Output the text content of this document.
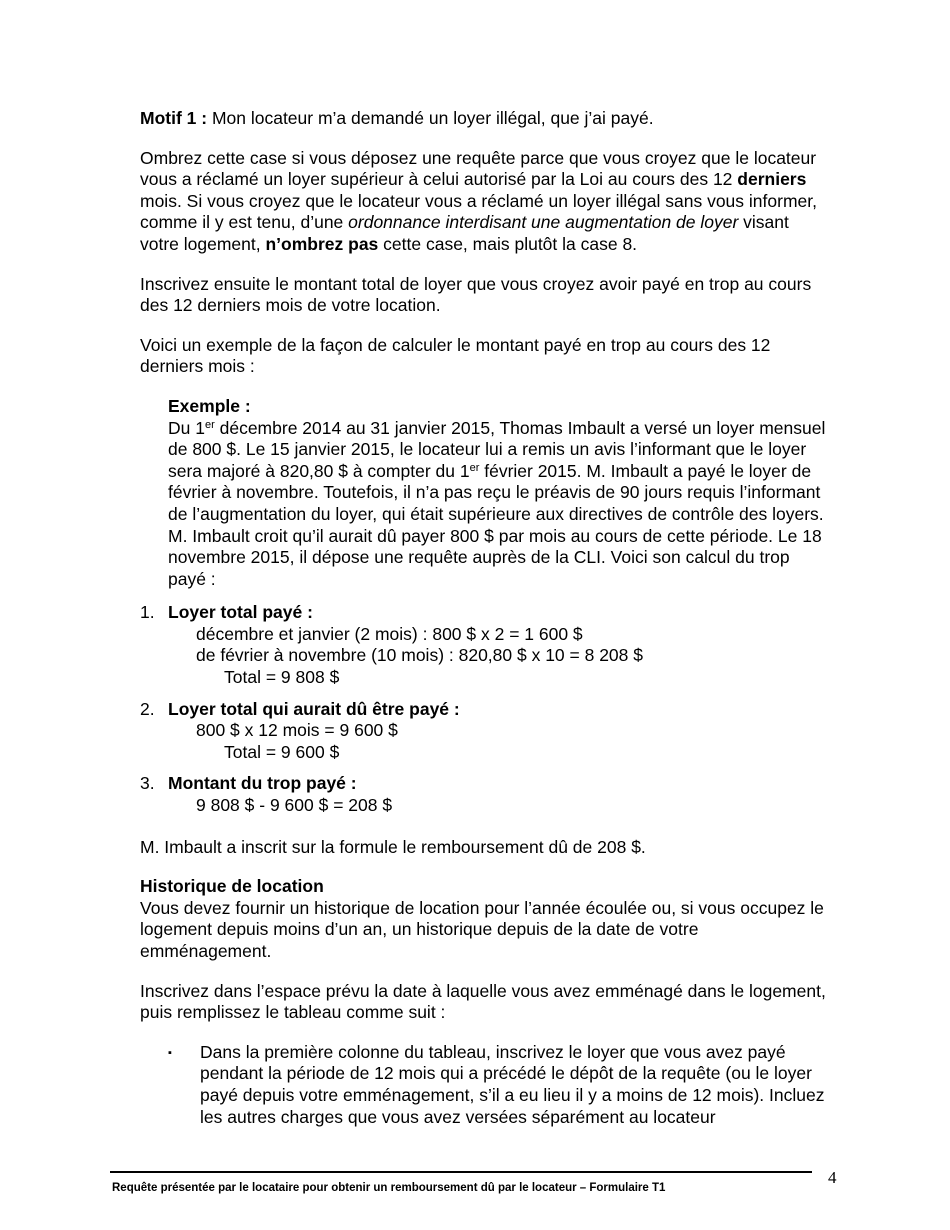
Motif 1 : Mon locateur m’a demandé un loyer illégal, que j’ai payé.

Ombrez cette case si vous déposez une requête parce que vous croyez que le locateur vous a réclamé un loyer supérieur à celui autorisé par la Loi au cours des 12 derniers mois. Si vous croyez que le locateur vous a réclamé un loyer illégal sans vous informer, comme il y est tenu, d’une ordonnance interdisant une augmentation de loyer visant votre logement, n’ombrez pas cette case, mais plutôt la case 8.

Inscrivez ensuite le montant total de loyer que vous croyez avoir payé en trop au cours des 12 derniers mois de votre location.

Voici un exemple de la façon de calculer le montant payé en trop au cours des 12 derniers mois :

Exemple :

Du 1er décembre 2014 au 31 janvier 2015, Thomas Imbault a versé un loyer mensuel de 800 $. Le 15 janvier 2015, le locateur lui a remis un avis l’informant que le loyer sera majoré à 820,80 $ à compter du 1er février 2015. M. Imbault a payé le loyer de février à novembre. Toutefois, il n’a pas reçu le préavis de 90 jours requis l’informant de l’augmentation du loyer, qui était supérieure aux directives de contrôle des loyers. M. Imbault croit qu’il aurait dû payer 800 $ par mois au cours de cette période. Le 18 novembre 2015, il dépose une requête auprès de la CLI. Voici son calcul du trop payé :

1. Loyer total payé :

décembre et janvier (2 mois) : 800 $ x 2 = 1 600 $

de février à novembre (10 mois) : 820,80 $ x 10 = 8 208 $

Total = 9 808 $

2. Loyer total qui aurait dû être payé :

800 $ x 12 mois = 9 600 $

Total = 9 600 $

3. Montant du trop payé :

9 808 $ - 9 600 $ = 208 $

M. Imbault a inscrit sur la formule le remboursement dû de 208 $.

Historique de location

Vous devez fournir un historique de location pour l’année écoulée ou, si vous occupez le logement depuis moins d’un an, un historique depuis de la date de votre emménagement.

Inscrivez dans l’espace prévu la date à laquelle vous avez emménagé dans le logement, puis remplissez le tableau comme suit :

▪	Dans la première colonne du tableau, inscrivez le loyer que vous avez payé pendant la période de 12 mois qui a précédé le dépôt de la requête (ou le loyer payé depuis votre emménagement, s’il a eu lieu il y a moins de 12 mois). Incluez les autres charges que vous avez versées séparément au locateur

Requête présentée par le locataire pour obtenir un remboursement dû par le locateur – Formulaire T1
4
